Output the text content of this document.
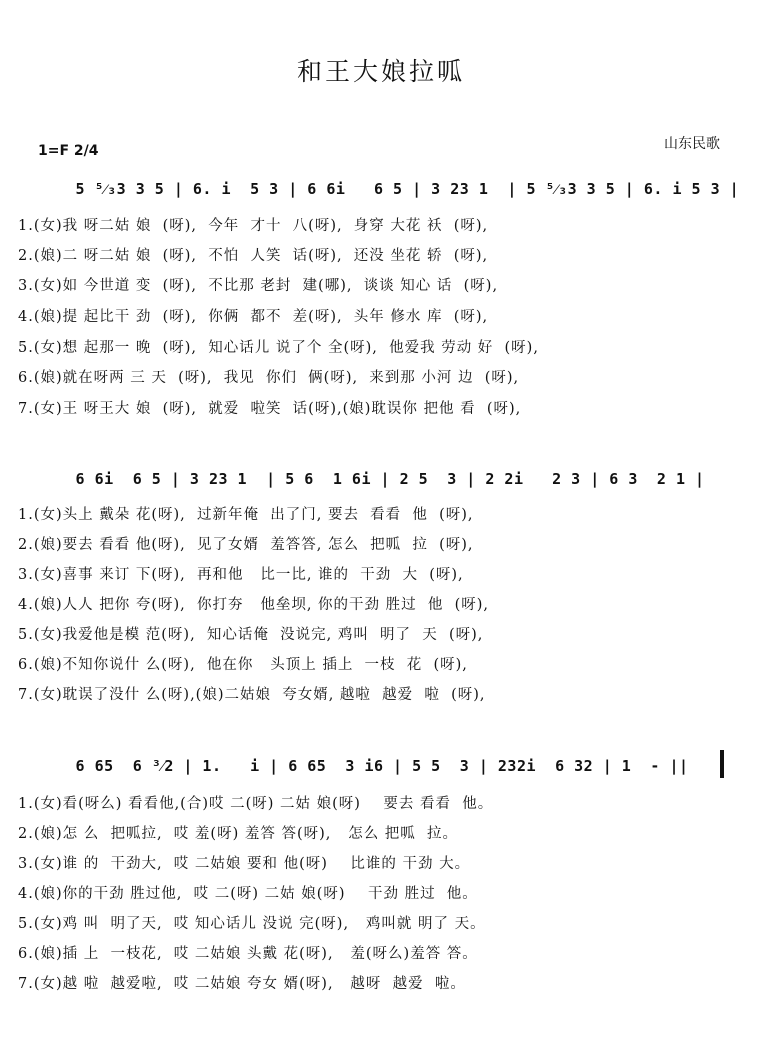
和王大娘拉呱
山东民歌
1=F 2/4
5 ⁵⁄₃3 3 5 | 6. i  5 3 | 6 6i   6 5 | 3 23 1  | 5 ⁵⁄₃3 3 5 | 6. i 5 3 |
1.(女)我 呀二姑 娘  (呀),  今年  才十  八(呀),  身穿 大花 袄  (呀),
2.(娘)二 呀二姑 娘  (呀),  不怕  人笑  话(呀),  还没 坐花 轿  (呀),
3.(女)如 今世道 变  (呀),  不比那 老封  建(哪),  谈谈 知心 话  (呀),
4.(娘)提 起比干 劲  (呀),  你俩  都不  差(呀),  头年 修水 库  (呀),
5.(女)想 起那一 晚  (呀),  知心话儿 说了个 全(呀),  他爱我 劳动 好  (呀),
6.(娘)就在呀两 三 天  (呀),  我见  你们  俩(呀),  来到那 小河 边  (呀),
7.(女)王 呀王大 娘  (呀),  就爱  啦笑  话(呀),(娘)耽误你 把他 看  (呀),
6 6i  6 5 | 3 23 1  | 5 6  1 6i | 2 5  3 | 2 2i   2 3 | 6 3  2 1 |
1.(女)头上 戴朵 花(呀),  过新年俺  出了门, 要去  看看  他  (呀),
2.(娘)要去 看看 他(呀),  见了女婿  羞答答, 怎么  把呱  拉  (呀),
3.(女)喜事 来订 下(呀),  再和他   比一比, 谁的  干劲  大  (呀),
4.(娘)人人 把你 夸(呀),  你打夯   他垒坝, 你的干劲 胜过  他  (呀),
5.(女)我爱他是模 范(呀),  知心话俺  没说完, 鸡叫  明了  天  (呀),
6.(娘)不知你说什 么(呀),  他在你   头顶上 插上  一枝  花  (呀),
7.(女)耽误了没什 么(呀),(娘)二姑娘  夸女婿, 越啦  越爱  啦  (呀),
6 65  6 ³⁄2 | 1.   i | 6 65  3 i6 | 5 5  3 | 232i  6 32 | 1  - ||
1.(女)看(呀么) 看看他,(合)哎 二(呀) 二姑 娘(呀)    要去 看看  他。
2.(娘)怎 么  把呱拉,  哎 羞(呀) 羞答 答(呀),   怎么 把呱  拉。
3.(女)谁 的  干劲大,  哎 二姑娘 要和 他(呀)    比谁的 干劲 大。
4.(娘)你的干劲 胜过他,  哎 二(呀) 二姑 娘(呀)    干劲 胜过  他。
5.(女)鸡 叫  明了天,  哎 知心话儿 没说 完(呀),   鸡叫就 明了 天。
6.(娘)插 上  一枝花,  哎 二姑娘 头戴 花(呀),   羞(呀么)羞答 答。
7.(女)越 啦  越爱啦,  哎 二姑娘 夸女 婿(呀),   越呀  越爱  啦。
